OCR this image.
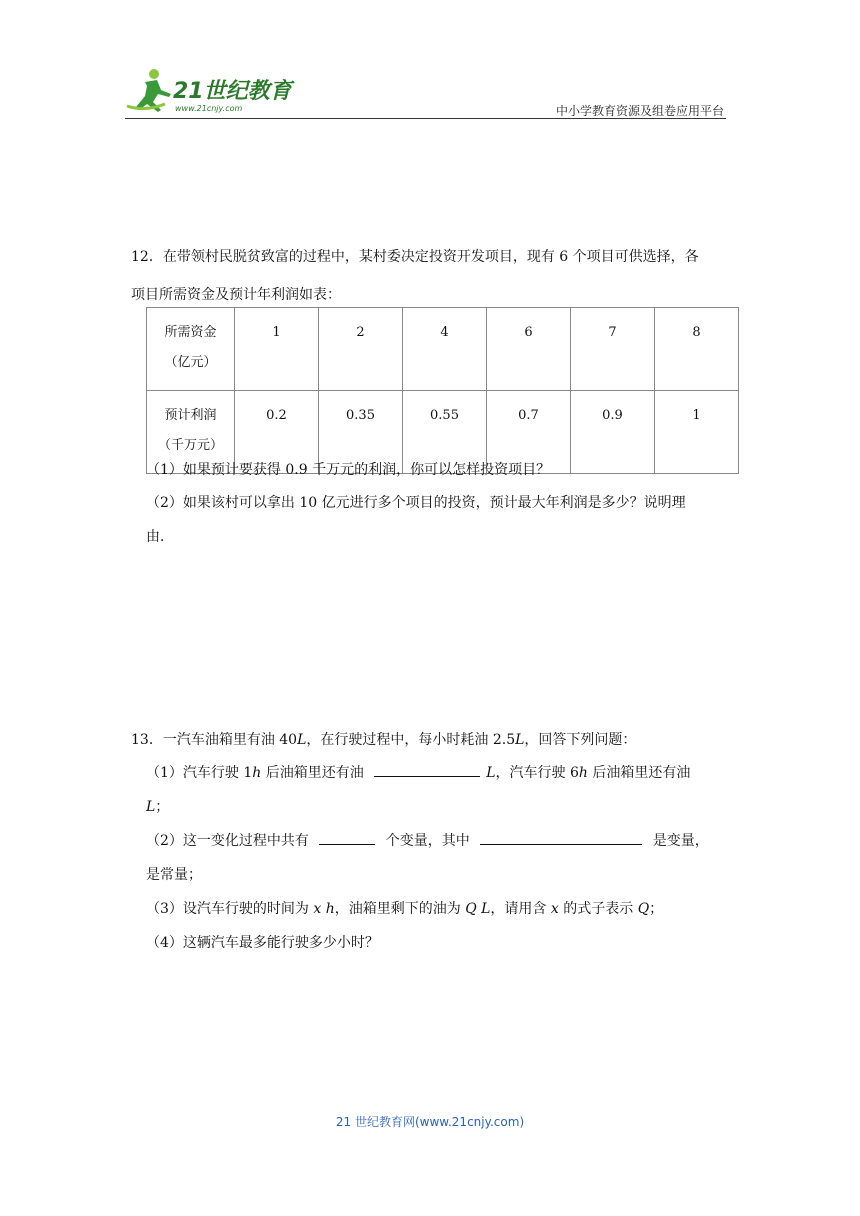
21世纪教育
www.21cnjy.com	中小学教育资源及组卷应用平台

12．在带领村民脱贫致富的过程中，某村委决定投资开发项目，现有 6 个项目可供选择，各

项目所需资金及预计年利润如表：

所需资金
（亿元）	1	2	4	6	7	8

预计利润
（千万元）	0.2	0.35	0.55	0.7	0.9	1
（1）如果预计要获得 0.9 千万元的利润，你可以怎样投资项目？
（2）如果该村可以拿出 10 亿元进行多个项目的投资，预计最大年利润是多少？说明理
由．
13．一汽车油箱里有油 40L，在行驶过程中，每小时耗油 2.5L，回答下列问题：
（1）汽车行驶 1h 后油箱里还有油	L，汽车行驶 6h 后油箱里还有油
L；
（2）这一变化过程中共有	个变量，其中	是变量，
是常量；
（3）设汽车行驶的时间为 x h，油箱里剩下的油为 Q L，请用含 x 的式子表示 Q；
（4）这辆汽车最多能行驶多少小时？
21 世纪教育网(www.21cnjy.com)
